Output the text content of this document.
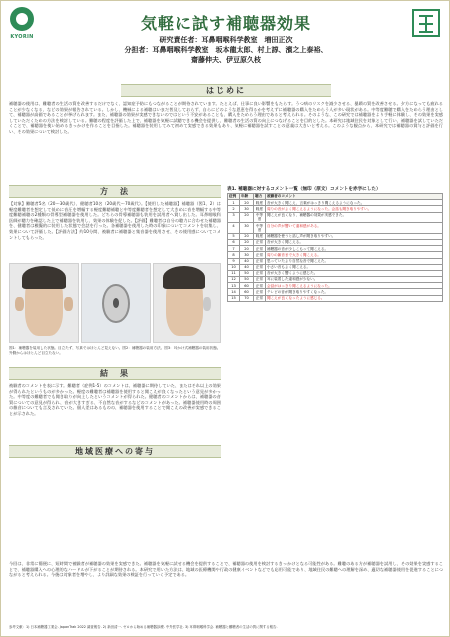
KYORIN
気軽に試す補聴器効果
研究責任者：耳鼻咽喉科学教室　増田正次
分担者：耳鼻咽喉科学教室　坂本龍太郎、村上諄、濱之上泰裕、
齋藤伸夫、伊豆原久枝
はじめに
補聴器の使用は、難聴者の生活の質を改善するだけでなく、認知症予防にもつながることが期待されています。たとえば、仕事に良い影響をもたらす。うつ病のリスクを減少させる、暴蹟の質を改善させる。夕方になっても疲れることが少なくなる、などの効果が報告されている。しかし、機械による補聴はいまだ普及しておらず、自らにどのような恩恵を得るかを考えずに補聴器の購入をためらう人が多い現状がある。中等度難聴で購入をためらう理由として、補聴器が高価であることが挙げられます。また、補聴器の効果が実感できないのではという不安があることも、購入をためらう理由であると考えられる。そのような、この研究では補聴器をより手軽に体験し、その効果を実感していただくための方法を検討している。難聴の程度を評価した上で、補聴器を気軽に試聴できる機会を提供し、難聴者の生活の質の向上につなげることを目的とした。本研究は地域住民を対象として行い、補聴器を試していただくことで、補聴器を使い始めるきっかけを作ることを目指した。補聴器を装用してみて初めて実感できる効果もあり、気軽に補聴器を試すことの意義は大きいと考える。このような観点から、本研究では補聴器の貸与と評価を行い、その効果について検討した。
方　法
【対象】難聴者5名（20〜30歳代）、健聴者10名（20歳代〜70歳代）。【使用した補聴器】補聴器（図1、2）は軽度難聴者を想定して低めに音圧を増幅する軽度難聴補聴と中等度難聴者を想定して大きめに音を増幅する中等度難聴補聴の2種類の骨導型補聴器を使用した。どちらの骨導補聴器も装用を試用者へ貸し出した。耳鼻咽喉科医師が聴力を確認した上で補聴器を装用し、効果の体験を促した。【評価】難聴者は自分の聴力に合わせた補聴器を、健聴者は模擬的に装用した状態で会話を行った。各補聴器を使用した時の印象についてコメントを収集し、効果について評価した。【評価方法】約10分間、被験者に補聴器と集音器を使用させ、その使用感についてコメントしてもらった。
図1：補聴器を装用した状態。目立たず、写真ではほとんど見えない。図2：補聴器の装用方法。図3：耳かけ式補聴器の装用状態。外側からはほとんど目立たない。
結　果
被験者のコメントを表に示す。難聴者（症例1-5）のコメントは、補聴器に期待していた、またはそれ以上の効果が得られたというものが多かった。軽度の難聴者は補聴器を使用すると聞こえが良くなったという意見が多かった。中等度の難聴者でも聞き取りが向上したというコメントが得られた。健聴者のコメントからは、補聴器の音質についての意見が得られ、音が大きすぎる、不自然な音がするなどのコメントがあった。補聴器使用時の周囲の雑音についても言及されていた。個人差はあるものの、補聴器を使用することで聞こえの改善が実感できることが示された。
地域医療への寄与
今回は、非常に簡便に、短時間で被験者が補聴器の効果を実感できた。補聴器を気軽に試せる機会を提供することで、補聴器の使用を検討するきっかけとなる可能性がある。難聴のある方が補聴器を試用し、その効果を実感することで、補聴器購入への心理的なハードルが下がることが期待される。本研究で用いた方法は、地域の医療機関や行政の健康イベントなどでも応用可能であり、地域住民の難聴への理解を深め、適切な補聴器使用を促進することにつながると考えられる。今後は対象者を増やし、より詳細な効果の検証を行っていく予定である。
表1. 補聴器に対するコメント一覧（無印（原文）コメントを赤字にした）
症例	年齢	聴力	被験者のコメント
1	20	軽度	音が大きく聞こえ、言葉がはっきり聞こえるようになった。
2	30	軽度	周りの音がよく聞こえるようになった。会話も聞き取りやすい。
3	20	中等度	聞こえが良くなり、補聴器の効果が実感できた。
4	30	中等度	自分の声が響いて違和感がある。
5	20	軽度	補聴器を使うと話し声が聞き取りやすい。
6	20	正常	音が大きく聞こえる。
7	20	正常	補聴器の音が少しこもって聞こえる。
8	30	正常	周りの雑音まで大きく聞こえる。
9	40	正常	思っていたより自然な音で聞こえた。
10	40	正常	小さい音もよく聞こえる。
11	50	正常	音が大きく響くように感じた。
12	50	正常	耳に装着した違和感が少ない。
13	60	正常	会話がはっきり聞こえるようになった。
14	60	正常	テレビの音が聞き取りやすくなった。
15	70	正常	聞こえが良くなったように感じる。
参考文献：1) 日本補聴器工業会. JapanTrak 2022 調査報告. 2) 新田清一. ゼロから始める補聴器診療. 中外医学社. 3) 耳鼻咽喉科学会. 補聴器と難聴者の生活の質に関する報告.
